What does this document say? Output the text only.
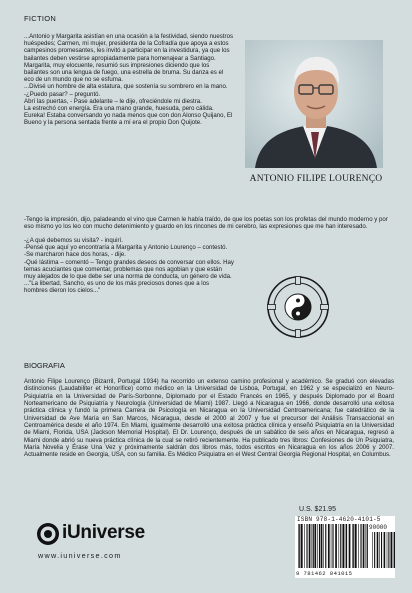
FICTION

...Antonio y Margarita asistían en una ocasión a la festividad, siendo nuestros huéspedes; Carmen, mi mujer, presidenta de la Cofradía que apoya a estos campesinos promesantes, les invitó a participar en la investidura, ya que los bailantes deben vestirse apropiadamente para homenajear a Santiago. Margarita, muy elocuente, resumió sus impresiones diciendo que los bailantes son una lengua de fuego, una estrella de bruma. Su danza es el eco de un mundo que no se esfuma.

...Divisé un hombre de alta estatura, que sostenía su sombrero en la mano.

-¿Puedo pasar? – preguntó.

Abrí las puertas, - Pase adelante – le dije, ofreciéndole mi diestra.

La estrechó con energía. Era una mano grande, huesuda, pero cálida.

Eureka! Estaba conversando yo nada menos que con don Alonso Quijano, El Bueno y la persona sentada frente a mí era el propio Don Quijote.

-Tengo la impresión, dijo, paladeando el vino que Carmen le había traído, de que los poetas son los profetas del mundo moderno y por eso mismo yo los leo con mucho detenimiento y guardo en los rincones de mi cerebro, las expresiones que me han interesado.

-¿A qué debemos su visita? - inquirí.

-Pensé que aquí yo encontraría a Margarita y Antonio Lourenço – contestó.

-Se marcharon hace dos horas, - dije.

-Qué lástima – comentó – Tengo grandes deseos de conversar con ellos. Hay temas acuciantes que comentar, problemas que nos agobian y que están muy alejados de lo que debe ser una norma de conducta, un género de vida.

..."La libertad, Sancho, es uno de los más preciosos dones que a los hombres dieron los cielos..."

ANTONIO FILIPE LOURENÇO
BIOGRAFIA
Antonio Filipe Lourenço (Bizarril, Portugal 1934) ha recorrido un extenso camino profesional y académico. Se graduó con elevadas distinciones (Laudabiliter et Honorifice) como médico en la Universidad de Lisboa, Portugal, en 1962 y se especializó en Neuro-Psiquiatría en la Universidad de París-Sorbonne, Diplomado por el Estado Francés en 1965, y después Diplomado por el Board Norteamericano de Psiquiatría y Neurología (Universidad de Miami) 1987. Llegó a Nicaragua en 1966, donde desarrolló una exitosa práctica clínica y fundó la primera Carrera de Psicología en Nicaragua en la Universidad Centroamericana; fue catedrático de la Universidad de Ave María en San Marcos, Nicaragua, desde el 2000 al 2007 y fue el precursor del Análisis Transaccional en Centroamérica desde el año 1974. En Miami, igualmente desarrolló una exitosa práctica clínica y enseñó Psiquiatría en la Universidad de Miami, Florida, USA (Jackson Memorial Hospital). El Dr. Lourenço, después de un sabático de seis años en Nicaragua, regresó a Miami donde abrió su nueva práctica clínica de la cual se retiró recientemente. Ha publicado tres libros: Confesiones de Un Psiquiatra, María Novelia y Érase Una Vez y próximamente saldrán dos libros más, todos escritos en Nicaragua en los años 2006 y 2007. Actualmente reside en Georgia, USA, con su familia. Es Médico Psiquiatra en el West Central Georgia Regional Hospital, en Columbus.
iUniverse
www.iuniverse.com
U.S. $21.95
ISBN 978-1-4620-4101-5
90000
9 781462 041015
